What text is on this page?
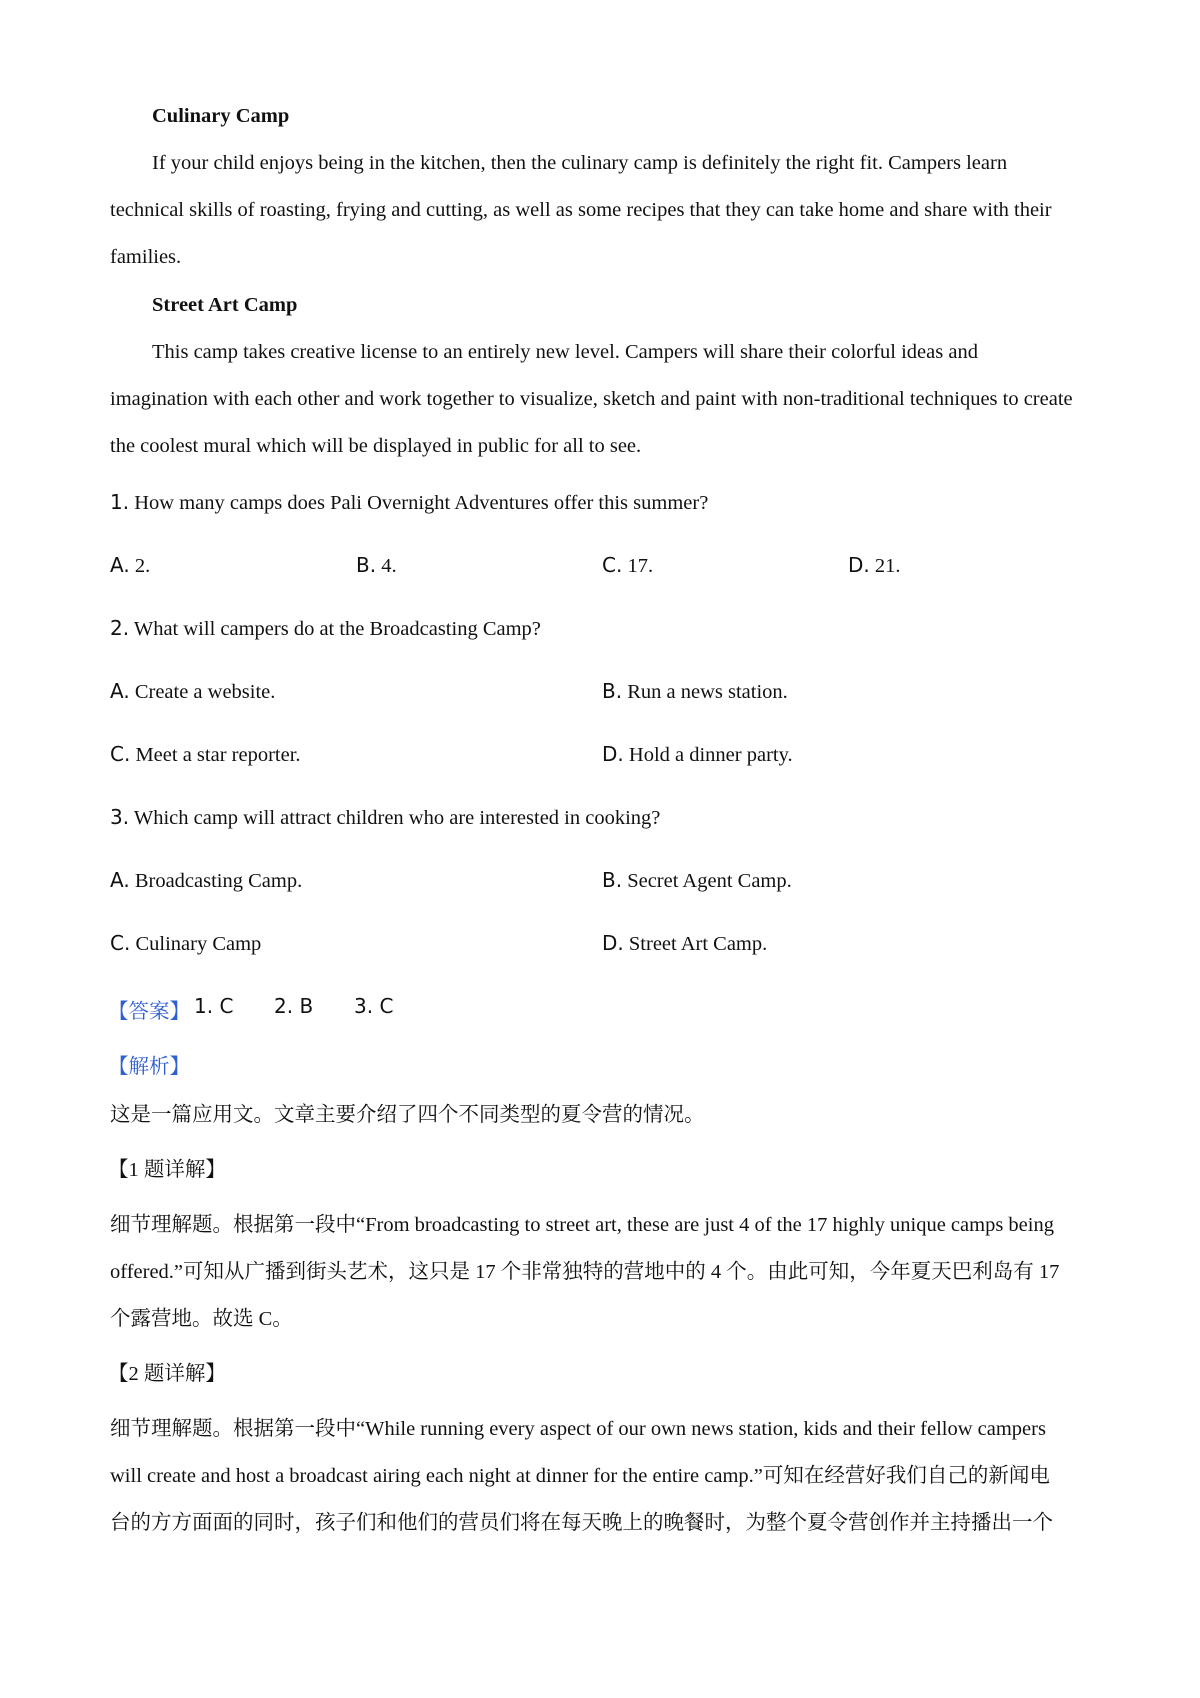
Culinary Camp
If your child enjoys being in the kitchen, then the culinary camp is definitely the right fit. Campers learn
technical skills of roasting, frying and cutting, as well as some recipes that they can take home and share with their
families.
Street Art Camp
This camp takes creative license to an entirely new level. Campers will share their colorful ideas and
imagination with each other and work together to visualize, sketch and paint with non-traditional techniques to create
the coolest mural which will be displayed in public for all to see.
1. How many camps does Pali Overnight Adventures offer this summer?
A. 2.	B. 4.	C. 17.	D. 21.
2. What will campers do at the Broadcasting Camp?
A. Create a website.	B. Run a news station.
C. Meet a star reporter.	D. Hold a dinner party.
3. Which camp will attract children who are interested in cooking?
A. Broadcasting Camp.	B. Secret Agent Camp.
C. Culinary Camp	D. Street Art Camp.
【答案】 1. C 2. B 3. C
【解析】
这是一篇应用文。文章主要介绍了四个不同类型的夏令营的情况。
【1 题详解】
细节理解题。根据第一段中“From broadcasting to street art, these are just 4 of the 17 highly unique camps being
offered.”可知从广播到街头艺术，这只是 17 个非常独特的营地中的 4 个。由此可知，今年夏天巴利岛有 17
个露营地。故选 C。
【2 题详解】
细节理解题。根据第一段中“While running every aspect of our own news station, kids and their fellow campers
will create and host a broadcast airing each night at dinner for the entire camp.”可知在经营好我们自己的新闻电
台的方方面面的同时，孩子们和他们的营员们将在每天晚上的晚餐时，为整个夏令营创作并主持播出一个
